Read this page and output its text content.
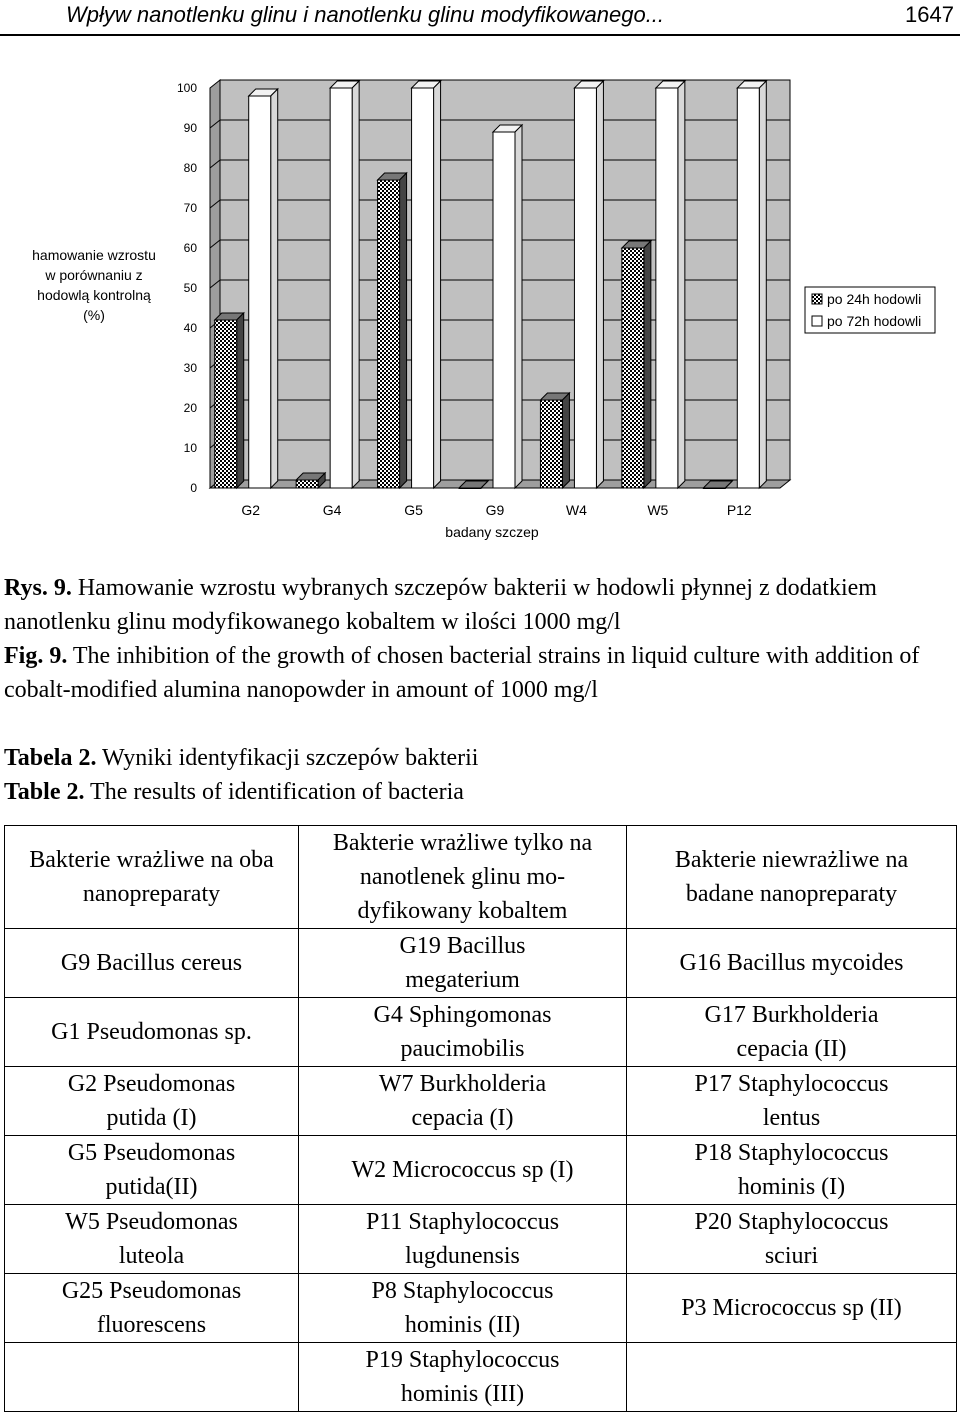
Wpływ nanotlenku glinu i nanotlenku glinu modyfikowanego...	1647
0
10
20
30
40
50
60
70
80
90
100
G2	G4	G5	G9	W4	W5	P12
badany szczep
hamowanie wzrostu w porównaniu z hodowlą kontrolną (%)
po 24h hodowli
po 72h hodowli
Rys. 9. Hamowanie wzrostu wybranych szczepów bakterii w hodowli płynnej z dodatkiem nanotlenku glinu modyfikowanego kobaltem w ilości 1000 mg/l
Fig. 9. The inhibition of the growth of chosen bacterial strains in liquid culture with addition of cobalt-modified alumina nanopowder in amount of 1000 mg/l
Tabela 2. Wyniki identyfikacji szczepów bakterii
Table 2. The results of identification of bacteria
Bakterie wrażliwe na oba nanopreparaty	Bakterie wrażliwe tylko na nanotlenek glinu mo-dyfikowany kobaltem	Bakterie niewrażliwe na badane nanopreparaty
G9 Bacillus cereus	G19 Bacillus megaterium	G16 Bacillus mycoides
G1 Pseudomonas sp.	G4 Sphingomonas paucimobilis	G17 Burkholderia cepacia (II)
G2 Pseudomonas putida (I)	W7 Burkholderia cepacia (I)	P17 Staphylococcus lentus
G5 Pseudomonas putida(II)	W2 Micrococcus sp (I)	P18 Staphylococcus hominis (I)
W5 Pseudomonas luteola	P11 Staphylococcus lugdunensis	P20 Staphylococcus sciuri
G25 Pseudomonas fluorescens	P8 Staphylococcus hominis (II)	P3 Micrococcus sp (II)
	P19 Staphylococcus hominis (III)	
